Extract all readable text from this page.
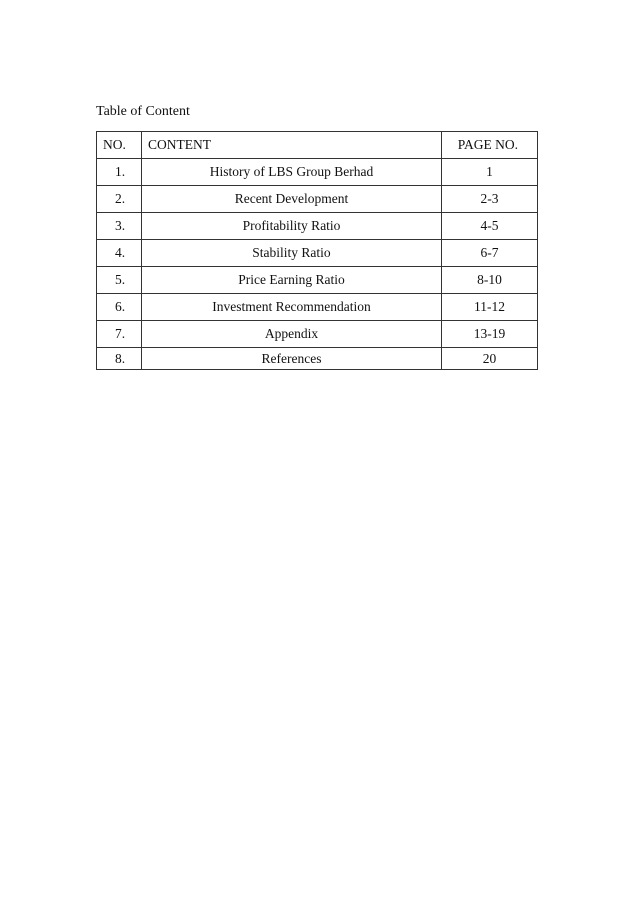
Table of Content
NO.	CONTENT	PAGE NO.
1.	History of LBS Group Berhad	1
2.	Recent Development	2-3
3.	Profitability Ratio	4-5
4.	Stability Ratio	6-7
5.	Price Earning Ratio	8-10
6.	Investment Recommendation	11-12
7.	Appendix	13-19
8.	References	20
